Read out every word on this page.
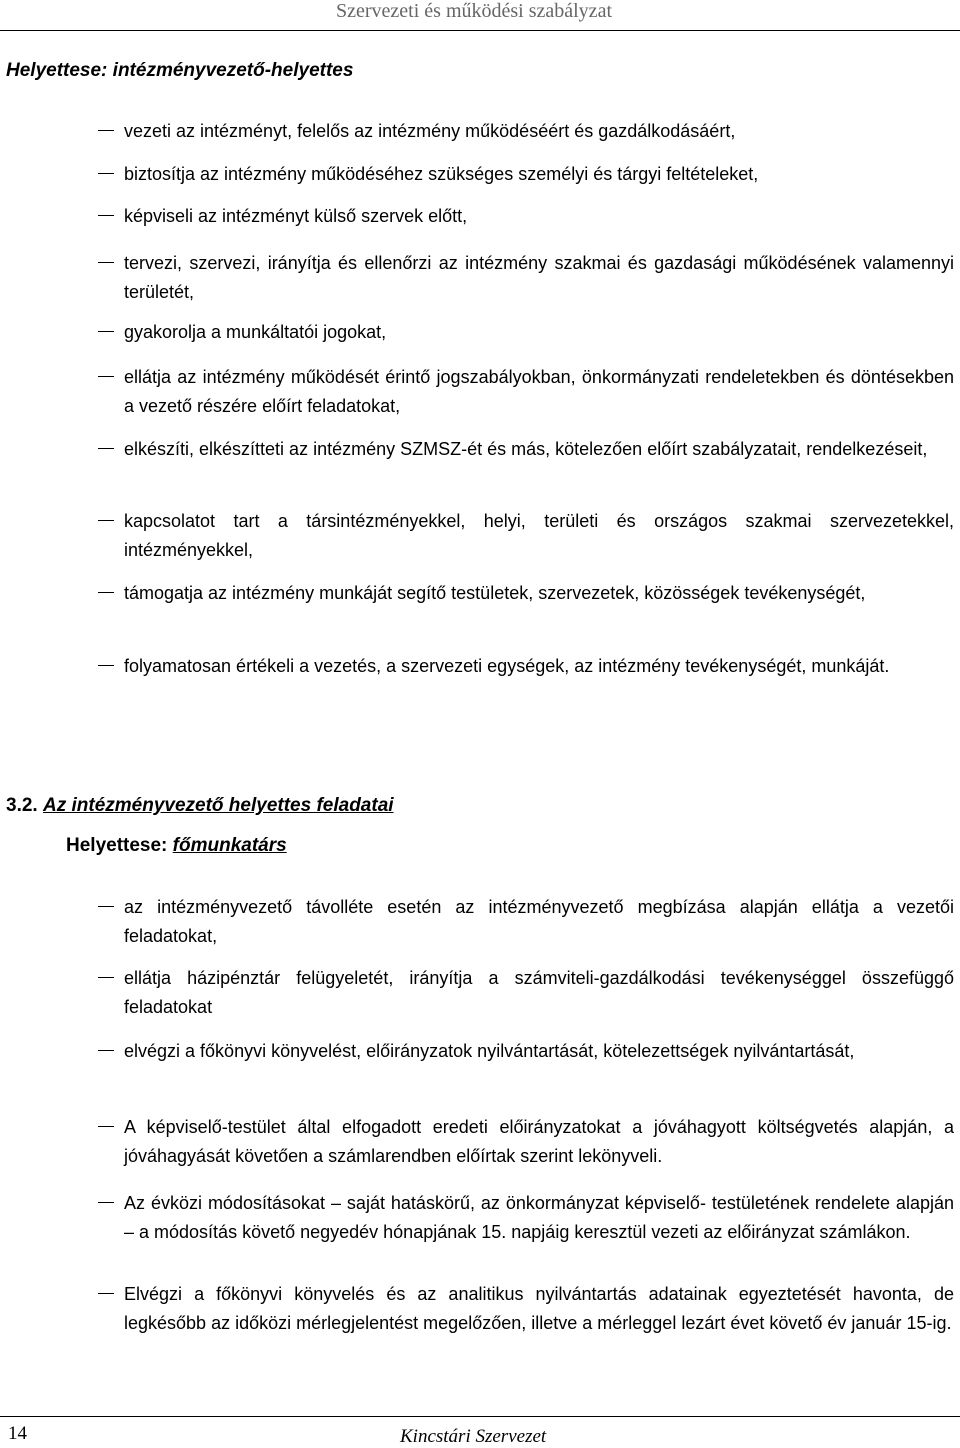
Szervezeti és működési szabályzat
Helyettese: intézményvezető-helyettes
vezeti az intézményt, felelős az intézmény működéséért és gazdálkodásáért,
biztosítja az intézmény működéséhez szükséges személyi és tárgyi feltételeket,
képviseli az intézményt külső szervek előtt,
tervezi, szervezi, irányítja és ellenőrzi az intézmény szakmai és gazdasági működésének valamennyi területét,
gyakorolja a munkáltatói jogokat,
ellátja az intézmény működését érintő jogszabályokban, önkormányzati rendeletekben és döntésekben a vezető részére előírt feladatokat,
elkészíti, elkészítteti az intézmény SZMSZ-ét és más, kötelezően előírt szabályzatait, rendelkezéseit,
kapcsolatot tart a társintézményekkel, helyi, területi és országos szakmai szervezetekkel, intézményekkel,
támogatja az intézmény munkáját segítő testületek, szervezetek, közösségek tevékenységét,
folyamatosan értékeli a vezetés, a szervezeti egységek, az intézmény tevékenységét, munkáját.
3.2. Az intézményvezető helyettes feladatai
Helyettese: főmunkatárs
az intézményvezető távolléte esetén az intézményvezető megbízása alapján ellátja a vezetői feladatokat,
ellátja házipénztár felügyeletét, irányítja a számviteli-gazdálkodási tevékenységgel összefüggő feladatokat
elvégzi a főkönyvi könyvelést, előirányzatok nyilvántartását, kötelezettségek nyilvántartását,
A képviselő-testület által elfogadott eredeti előirányzatokat a jóváhagyott költségvetés alapján, a jóváhagyását követően a számlarendben előírtak szerint lekönyveli.
Az évközi módosításokat – saját hatáskörű, az önkormányzat képviselő- testületének rendelete alapján – a módosítás követő negyedév hónapjának 15. napjáig keresztül vezeti az előirányzat számlákon.
Elvégzi a főkönyvi könyvelés és az analitikus nyilvántartás adatainak egyeztetését havonta, de legkésőbb az időközi mérlegjelentést megelőzően, illetve a mérleggel lezárt évet követő év január 15-ig.
14	Kincstári Szervezet
